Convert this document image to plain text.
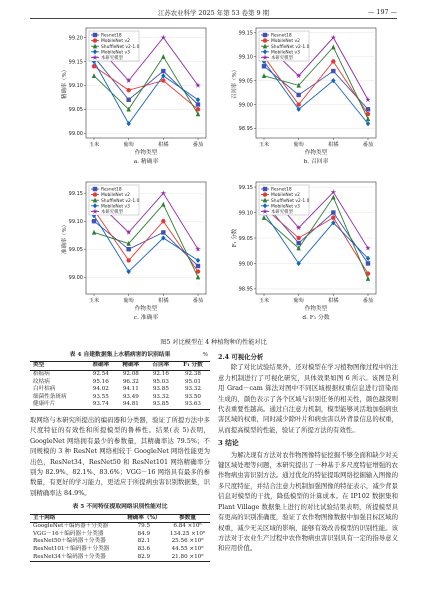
江苏农业科学 2025 年第 53 卷第 9 期	— 197 —
99.00
99.05
99.10
99.15
99.20
玉米	葡萄	柑橘	番茄
作物类型
精确率（%）
a. 精确率
Resnet18
MobileNet v2
ShuffleNet v2-1.0
MobileNet v3
本研究模型
98.95
99.00
99.05
99.10
99.15
玉米	葡萄	柑橘	番茄
作物类型
召回率（%）
b. 召回率
Resnet18
MobileNet v2
ShuffleNet v2-1.0
MobileNet v3
本研究模型
99.00
99.05
99.10
99.15
玉米	葡萄	柑橘	番茄
作物类型
准确率（%）
c. 准确率
Resnet18
MobileNet v2
ShuffleNet v2-1.0
MobileNet v3
本研究模型
98.95
99.00
99.05
99.10
99.15
玉米	葡萄	柑橘	番茄
作物类型
F₁ 分数
d. F₁ 分数
Resnet18
MobileNet v2
ShuffleNet v2-1.0
MobileNet v3
本研究模型
图5 对比模型在 4 种植物种的性能对比

表 4 自建数据集上水稻病害的识别结果	%
类型	准确率	精确率	召回率	F₁ 分数
稻瘟病	92.54	92.08	92.16	92.38
纹枯病	95.16	96.32	95.03	95.01
白叶枯病	94.02	94.11	93.85	93.32
细菌性条斑病	93.55	93.49	93.32	93.50
健康叶片	93.74	94.81	93.85	93.63

取网络与本研究所提出的编码器和分类器，验证了所提方法中多尺度特征的有效性和所提模型的鲁棒性。结果(表 5)表明，GoogleNet 网络拥有最少的参数量，其精确率达 79.5%；不同规模的 3 种 ResNet 网络相较于 GoogleNet 网络性能更为出色，ResNet34、ResNet50 和 ResNet101 网络精确率分别为 82.9%、82.1%、83.6%；VGG－16 网络具有最多的参数量，有更好的学习能力，更适应于所提病虫害识别数据集，识别精确率达 84.9%。

表 5 不同特征提取网络识别性能对比

主干网络	精确率（%）	参数量
GoogleNet＋编码器＋分类器	79.5	6.84 ×10⁶
VGG－16＋编码器＋分类器	84.9	134.25 ×10⁶
ResNet50＋编码器＋分类器	82.1	25.56 ×10⁶
ResNet101＋编码器＋分类器	83.6	44.55 ×10⁶
ResNet34＋编码器＋分类器	82.9	21.80 ×10⁶

2.4 可视化分析

除了对比试验结果外，还对模型在学习植物图像过程中的注意力机制进行了可视化研究，具体效果如图 6 所示。该图是利用 Grad－cam 算法对图中不同区域根据权重信息进行渲染而生成的，颜色表示了各个区域与识别任务的相关性，颜色越深则代表重要性越高。通过自注意力机制，模型能够灵活地加强病虫害区域的权重，同时减少除叶片和病虫害以外背景信息的权重，从而提高模型的性能，验证了所提方法的有效性。

3 结论

为解决现有方法对农作物图像特征挖掘不够全面和缺少对关键区域处理等问题，本研究提出了一种基于多尺度特征增强的农作物病虫害识别方法。通过优化的特征提取网络挖掘输入图像的多尺度特征，并结合注意力机制加强图像的特征表示，减少背景信息对模型的干扰，降低模型的计算成本。在 IP102 数据集和 Plant Village 数据集上进行的对比试验结果表明，所提模型具有更高的识别准确度，验证了农作物图像数据中加强目标区域的权重，减少无关区域的影响，能够有效改善模型的识别性能。该方法对于农业生产过程中农作物病虫害识别具有一定的指导意义和应用价值。
